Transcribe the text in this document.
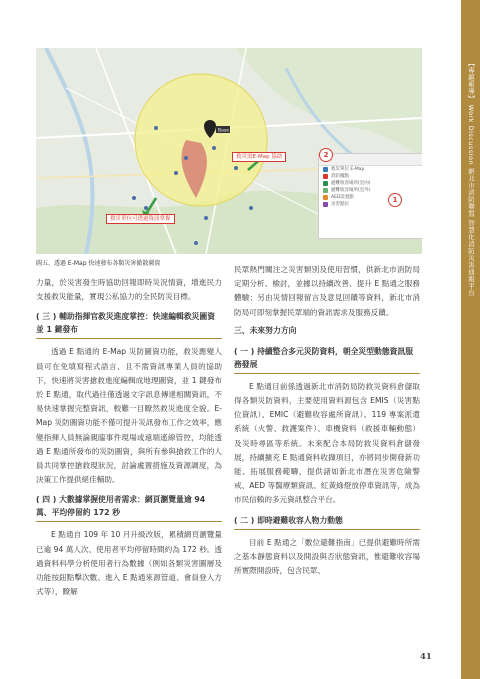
【專題報導】 Work Discussion 新北市消防聯盟 智慧化消防災害通報平台
Base
救災需E-Map 協助
救災單位可透過資訊掌握
救災單位 E-Map
消防據點
避難收容場所(室內)
避難收容場所(室外)
AED設置點
災害點位
2
1
圖五、透過 E-Map 快速發布各類災害撤散圖資

力量，於災害發生時協助回報即時災況情資，增進民力支援救災能量，實現公私協力的全民防災目標。

( 三 ) 輔助指揮官救災進度掌控：快速編輯救災圖資並 1 鍵發布

透過 E 點通的 E-Map 災防圖資功能，救災應變人員可在免填寫程式語言、且不需資訊專業人員的協助下，快速將災害搶救進度編輯成地理圖資，並 1 鍵發布於 E 點通，取代過往僅透過文字訊息傳達相關資訊，不易快速掌握完整資訊，較難一目瞭然救災進度全貌。E-Map 災防圖資功能不僅可提升災訊發布工作之效率，應變指揮人員無論親臨事件現場或遠端遙線管控，均能透過 E 點通所發布的災防圖資，與所有參與搶救工作的人員共同掌控搶救現狀況，討論處置措施及資源調度，為決策工作提供絕佳輔助。

( 四 ) 大數據掌握使用者需求：網頁瀏覽量逾 94 萬、平均停留約 172 秒

E 點通自 109 年 10 月升級改版，累積網頁瀏覽量已逾 94 萬人次、使用者平均停留時間約為 172 秒。透過資料科學分析使用者行為數據（例如各類災害圖層及功能按鈕點擊次數、進入 E 點通來源管道、會員登入方式等），瞭解

民眾熱門關注之災害類別及使用習慣，供新北市消防局定期分析、檢討，並據以持續改善、提升 E 點通之服務體驗；另由災情回報留言及意見回饋等資料，新北市消防局可即刻掌握民眾端的資訊需求及服務反饋。

三、未來努力方向
( 一 ) 持續整合多元災防資料，朝全災型動態資訊服務發展

E 點通目前係透過新北市消防局防救災資料倉儲取得各類災防資料，主要使用資料源包含 EMIS（災害點位資訊）、EMIC（避難收容處所資訊）、119 專案派遣系統（火警、救護案件）、車機資料（救援車輛動態）及災時尋區等系統。未來配合本局防救災資料倉儲發展，持續擴充 E 點通資料收擷項目，亦將同步開發新功能、拓展服務範疇，提供諸如新北市潛在災害危險警戒、AED 等醫療類資訊、紅黃綠燈放停車資訊等，成為市民信賴的多元資訊整合平台。

( 二 ) 即時避難收容人物力動態

目前 E 點通之「數位避難指南」已提供避難時所需之基本靜態資料以及開設與否狀態資訊，惟避難收容場所實際開設時，包含民眾、

41
